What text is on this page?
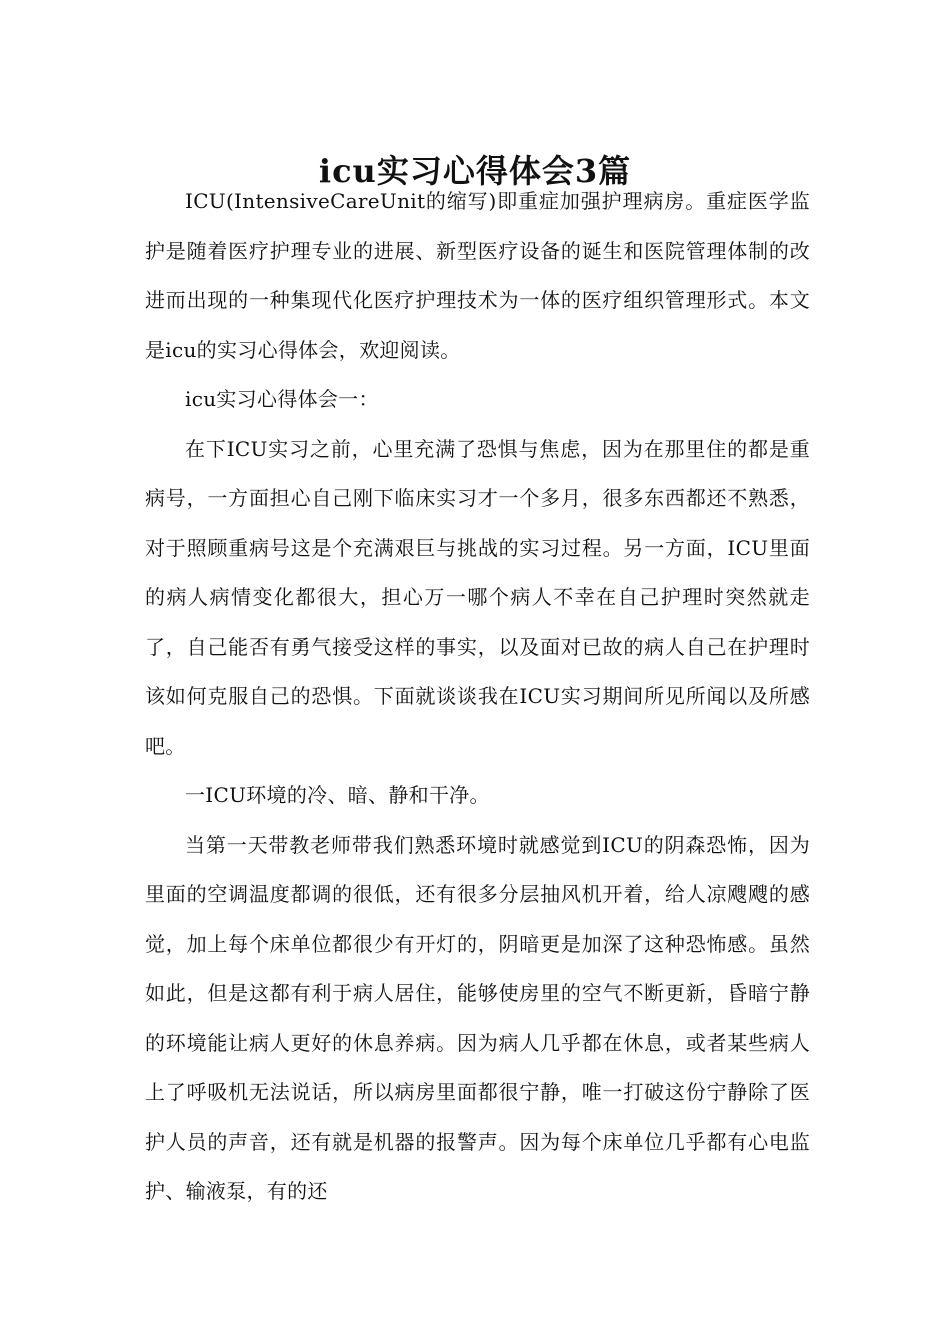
icu实习心得体会3篇

ICU(IntensiveCareUnit的缩写)即重症加强护理病房。重症医学监护是随着医疗护理专业的进展、新型医疗设备的诞生和医院管理体制的改进而出现的一种集现代化医疗护理技术为一体的医疗组织管理形式。本文是icu的实习心得体会，欢迎阅读。

icu实习心得体会一：

在下ICU实习之前，心里充满了恐惧与焦虑，因为在那里住的都是重病号，一方面担心自己刚下临床实习才一个多月，很多东西都还不熟悉，对于照顾重病号这是个充满艰巨与挑战的实习过程。另一方面，ICU里面的病人病情变化都很大，担心万一哪个病人不幸在自己护理时突然就走了，自己能否有勇气接受这样的事实，以及面对已故的病人自己在护理时该如何克服自己的恐惧。下面就谈谈我在ICU实习期间所见所闻以及所感吧。

一ICU环境的冷、暗、静和干净。

当第一天带教老师带我们熟悉环境时就感觉到ICU的阴森恐怖，因为里面的空调温度都调的很低，还有很多分层抽风机开着，给人凉飕飕的感觉，加上每个床单位都很少有开灯的，阴暗更是加深了这种恐怖感。虽然如此，但是这都有利于病人居住，能够使房里的空气不断更新，昏暗宁静的环境能让病人更好的休息养病。因为病人几乎都在休息，或者某些病人上了呼吸机无法说话，所以病房里面都很宁静，唯一打破这份宁静除了医护人员的声音，还有就是机器的报警声。因为每个床单位几乎都有心电监护、输液泵，有的还
